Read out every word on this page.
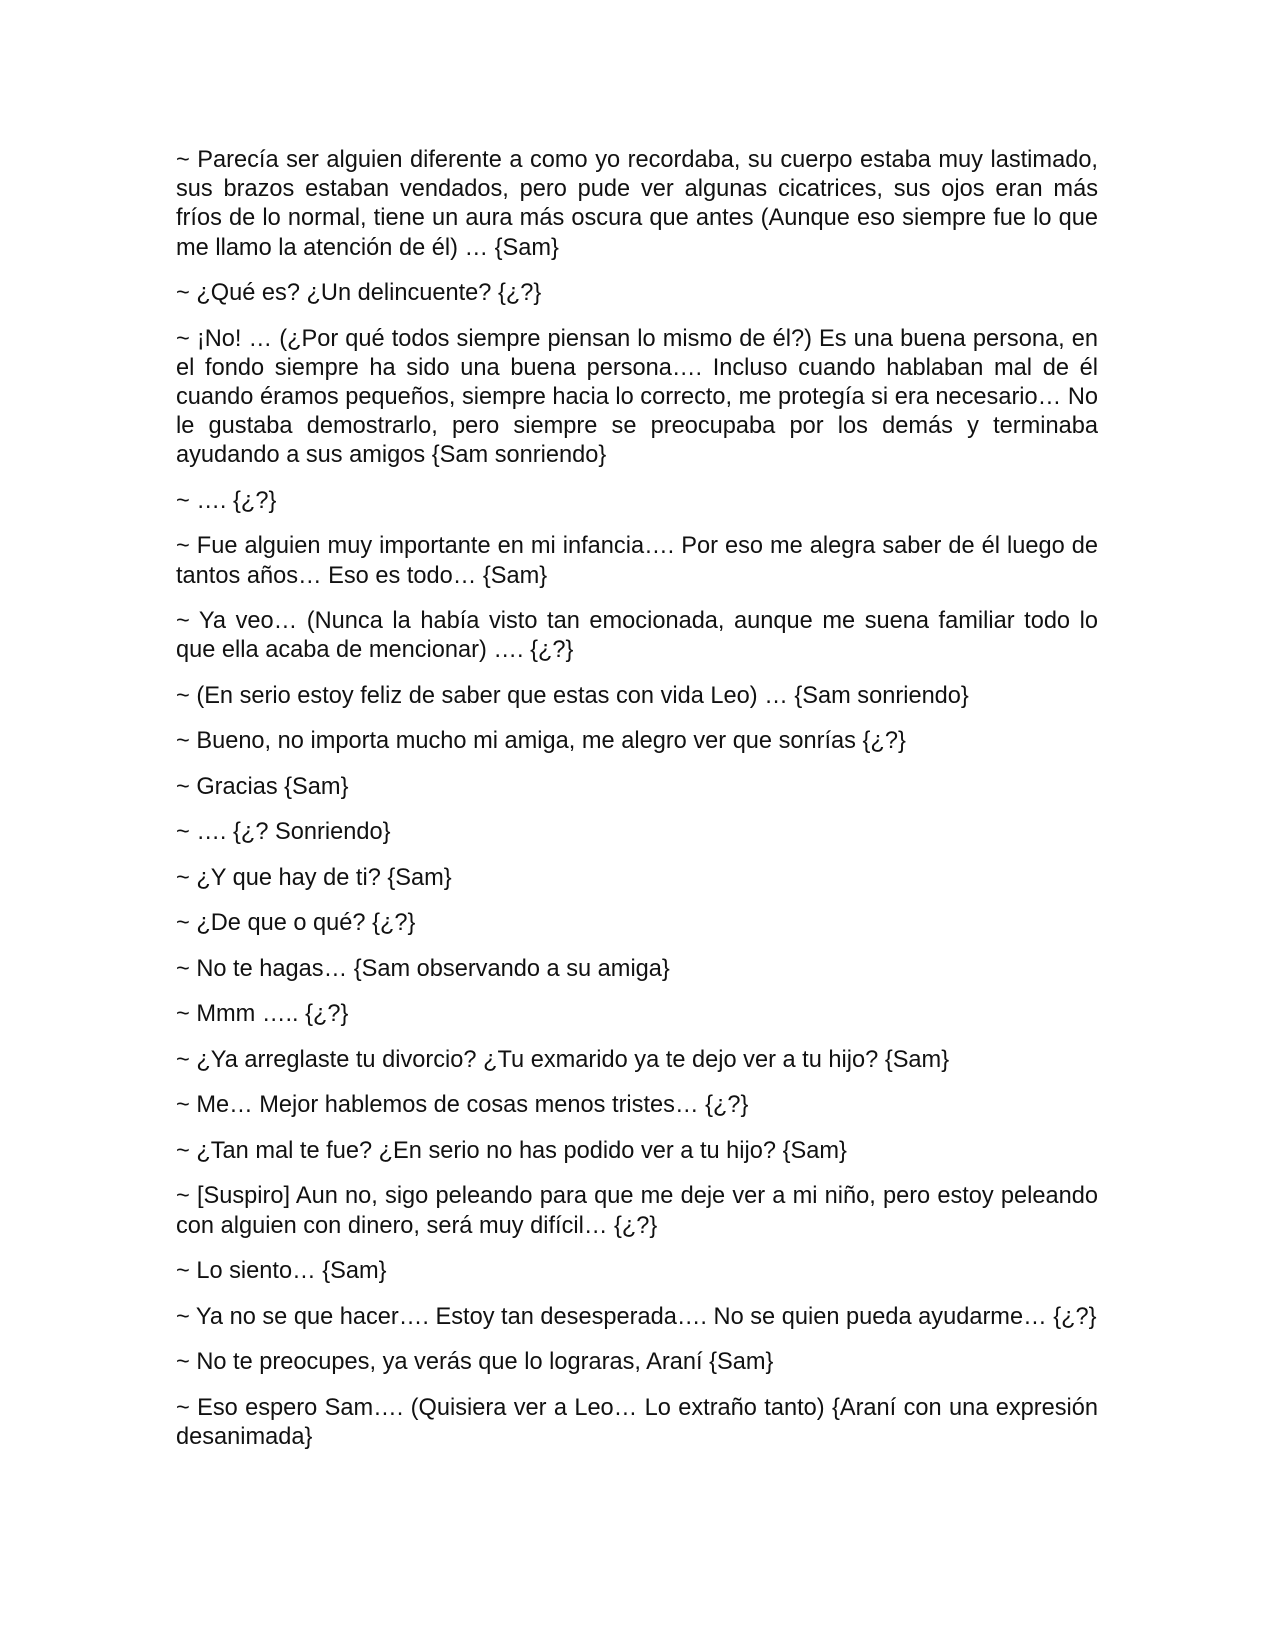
~ Parecía ser alguien diferente a como yo recordaba, su cuerpo estaba muy lastimado, sus brazos estaban vendados, pero pude ver algunas cicatrices, sus ojos eran más fríos de lo normal, tiene un aura más oscura que antes (Aunque eso siempre fue lo que me llamo la atención de él) … {Sam}

~ ¿Qué es? ¿Un delincuente? {¿?}

~ ¡No! … (¿Por qué todos siempre piensan lo mismo de él?) Es una buena persona, en el fondo siempre ha sido una buena persona…. Incluso cuando hablaban mal de él cuando éramos pequeños, siempre hacia lo correcto, me protegía si era necesario… No le gustaba demostrarlo, pero siempre se preocupaba por los demás y terminaba ayudando a sus amigos {Sam sonriendo}

~ …. {¿?}

~ Fue alguien muy importante en mi infancia…. Por eso me alegra saber de él luego de tantos años… Eso es todo… {Sam}

~ Ya veo… (Nunca la había visto tan emocionada, aunque me suena familiar todo lo que ella acaba de mencionar) …. {¿?}

~ (En serio estoy feliz de saber que estas con vida Leo) … {Sam sonriendo}

~ Bueno, no importa mucho mi amiga, me alegro ver que sonrías {¿?}

~ Gracias {Sam}

~ …. {¿? Sonriendo}

~ ¿Y que hay de ti? {Sam}

~ ¿De que o qué? {¿?}

~ No te hagas… {Sam observando a su amiga}

~ Mmm ….. {¿?}

~ ¿Ya arreglaste tu divorcio? ¿Tu exmarido ya te dejo ver a tu hijo? {Sam}

~ Me… Mejor hablemos de cosas menos tristes… {¿?}

~ ¿Tan mal te fue? ¿En serio no has podido ver a tu hijo? {Sam}

~ [Suspiro] Aun no, sigo peleando para que me deje ver a mi niño, pero estoy peleando con alguien con dinero, será muy difícil… {¿?}

~ Lo siento… {Sam}

~ Ya no se que hacer…. Estoy tan desesperada…. No se quien pueda ayudarme… {¿?}

~ No te preocupes, ya verás que lo lograras, Araní {Sam}

~ Eso espero Sam…. (Quisiera ver a Leo… Lo extraño tanto) {Araní con una expresión desanimada}
